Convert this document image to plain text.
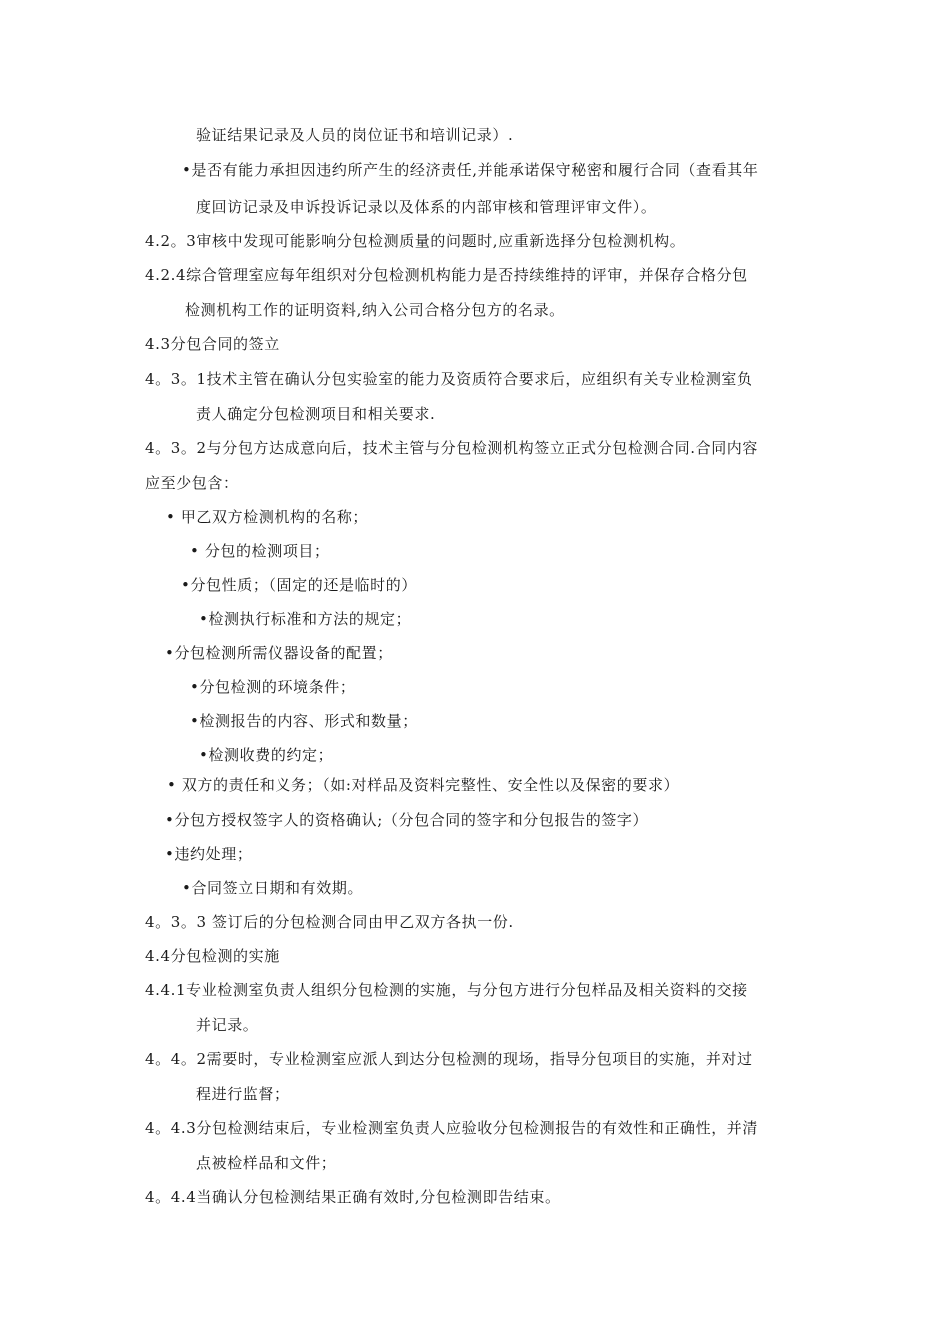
验证结果记录及人员的岗位证书和培训记录）.
•是否有能力承担因违约所产生的经济责任,并能承诺保守秘密和履行合同（查看其年
度回访记录及申诉投诉记录以及体系的内部审核和管理评审文件）。
4.2。3审核中发现可能影响分包检测质量的问题时,应重新选择分包检测机构。
4.2.4综合管理室应每年组织对分包检测机构能力是否持续维持的评审，并保存合格分包
检测机构工作的证明资料,纳入公司合格分包方的名录。
4.3分包合同的签立
4。3。1技术主管在确认分包实验室的能力及资质符合要求后，应组织有关专业检测室负
责人确定分包检测项目和相关要求.
4。3。2与分包方达成意向后，技术主管与分包检测机构签立正式分包检测合同.合同内容
应至少包含：
• 甲乙双方检测机构的名称；
• 分包的检测项目；
•分包性质；（固定的还是临时的）
•检测执行标准和方法的规定；
•分包检测所需仪器设备的配置；
•分包检测的环境条件；
•检测报告的内容、形式和数量；
•检测收费的约定；
• 双方的责任和义务；（如:对样品及资料完整性、安全性以及保密的要求）
•分包方授权签字人的资格确认;（分包合同的签字和分包报告的签字）
•违约处理；
•合同签立日期和有效期。
4。3。3 签订后的分包检测合同由甲乙双方各执一份.
4.4分包检测的实施
4.4.1专业检测室负责人组织分包检测的实施，与分包方进行分包样品及相关资料的交接
并记录。
4。4。2需要时，专业检测室应派人到达分包检测的现场，指导分包项目的实施，并对过
程进行监督；
4。4.3分包检测结束后，专业检测室负责人应验收分包检测报告的有效性和正确性，并清
点被检样品和文件；
4。4.4当确认分包检测结果正确有效时,分包检测即告结束。
